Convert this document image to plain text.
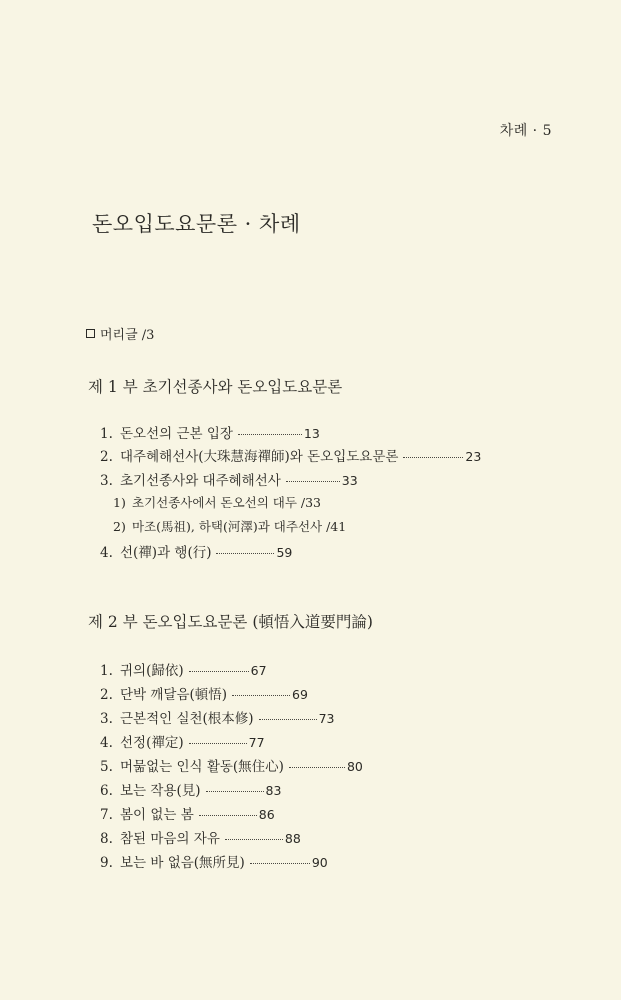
차례 · 5
돈오입도요문론 · 차례
머리글 /3
제 1 부 초기선종사와 돈오입도요문론
1. 돈오선의 근본 입장	13
2. 대주혜해선사(大珠慧海禪師)와 돈오입도요문론	23
3. 초기선종사와 대주혜해선사	33
1) 초기선종사에서 돈오선의 대두 /33
2) 마조(馬祖), 하택(河澤)과 대주선사 /41
4. 선(禪)과 행(行)	59
제 2 부 돈오입도요문론 (頓悟入道要門論)
1. 귀의(歸依)	67
2. 단박 깨달음(頓悟)	69
3. 근본적인 실천(根本修)	73
4. 선정(禪定)	77
5. 머묾없는 인식 활동(無住心)	80
6. 보는 작용(見)	83
7. 봄이 없는 봄	86
8. 참된 마음의 자유	88
9. 보는 바 없음(無所見)	90
